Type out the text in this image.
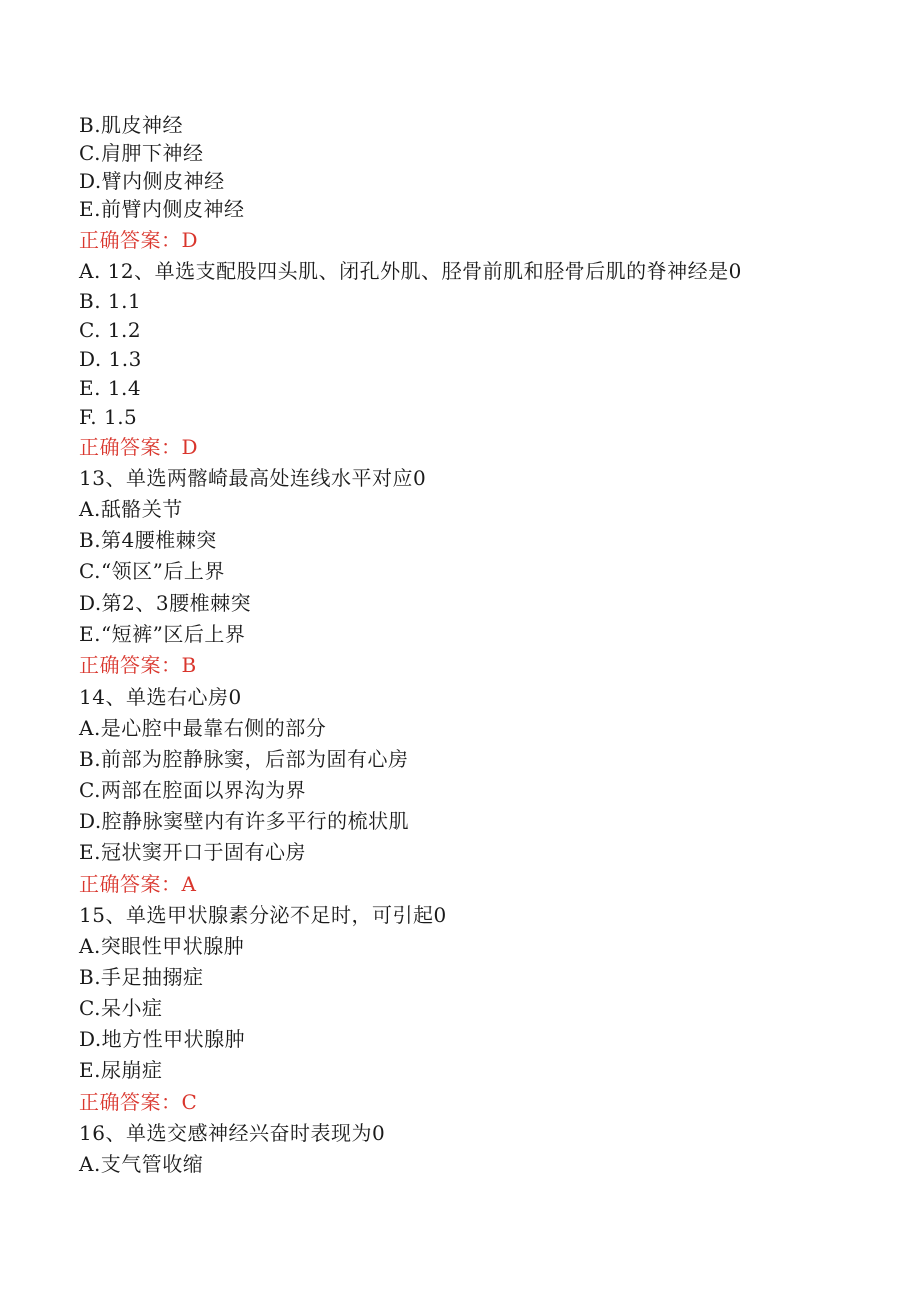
B.肌皮神经
C.肩胛下神经
D.臂内侧皮神经
E.前臂内侧皮神经
正确答案：D
A. 12、单选支配股四头肌、闭孔外肌、胫骨前肌和胫骨后肌的脊神经是0
B. 1.1
C. 1.2
D. 1.3
E. 1.4
F. 1.5
正确答案：D
13、单选两髂崎最高处连线水平对应0
A.舐骼关节
B.第4腰椎棘突
C.“领区”后上界
D.第2、3腰椎棘突
E.“短裤”区后上界
正确答案：B
14、单选右心房0
A.是心腔中最靠右侧的部分
B.前部为腔静脉窦，后部为固有心房
C.两部在腔面以界沟为界
D.腔静脉窦壁内有许多平行的梳状肌
E.冠状窦开口于固有心房
正确答案：A
15、单选甲状腺素分泌不足时，可引起0
A.突眼性甲状腺肿
B.手足抽搦症
C.呆小症
D.地方性甲状腺肿
E.尿崩症
正确答案：C
16、单选交感神经兴奋时表现为0
A.支气管收缩
